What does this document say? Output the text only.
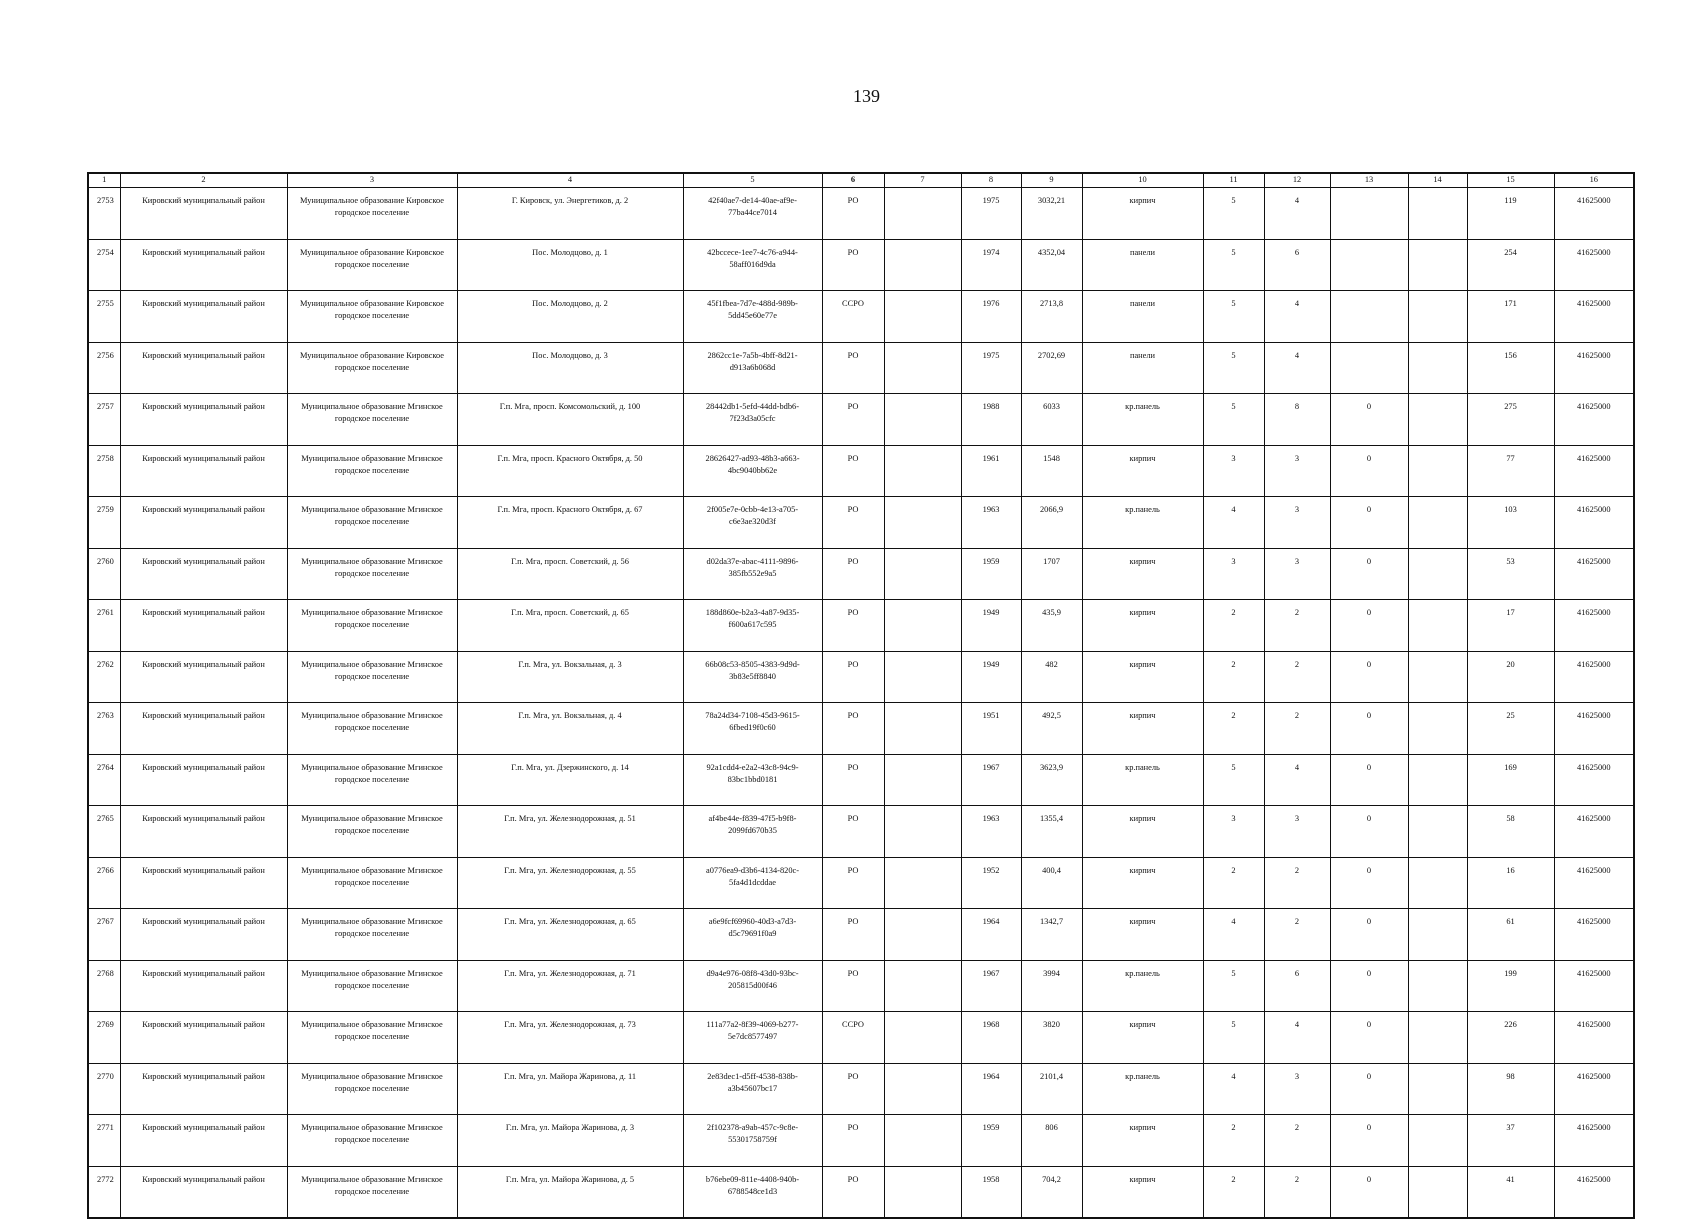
139
1	2	3	4	5	6	7	8	9	10	11	12	13	14	15	16
2753	Кировский муниципальный район	Муниципальное образование Кировское городское поселение	Г. Кировск, ул. Энергетиков, д. 2	42f40ae7-de14-40ae-af9e-77ba44ce7014	РО		1975	3032,21	кирпич	5	4			119	41625000
2754	Кировский муниципальный район	Муниципальное образование Кировское городское поселение	Пос. Молодцово, д. 1	42bccece-1ee7-4c76-a944-58aff016d9da	РО		1974	4352,04	панели	5	6			254	41625000
2755	Кировский муниципальный район	Муниципальное образование Кировское городское поселение	Пос. Молодцово, д. 2	45f1fbea-7d7e-488d-989b-5dd45e60e77e	ССРО		1976	2713,8	панели	5	4			171	41625000
2756	Кировский муниципальный район	Муниципальное образование Кировское городское поселение	Пос. Молодцово, д. 3	2862cc1e-7a5b-4bff-8d21-d913a6b068d	РО		1975	2702,69	панели	5	4			156	41625000
2757	Кировский муниципальный район	Муниципальное образование Мгинское городское поселение	Г.п. Мга, просп. Комсомольский, д. 100	28442db1-5efd-44dd-bdb6-7f23d3a05cfc	РО		1988	6033	кр.панель	5	8	0		275	41625000
2758	Кировский муниципальный район	Муниципальное образование Мгинское городское поселение	Г.п. Мга, просп. Красного Октября, д. 50	28626427-ad93-48b3-a663-4bc9040bb62e	РО		1961	1548	кирпич	3	3	0		77	41625000
2759	Кировский муниципальный район	Муниципальное образование Мгинское городское поселение	Г.п. Мга, просп. Красного Октября, д. 67	2f005e7e-0cbb-4e13-a705-c6e3ae320d3f	РО		1963	2066,9	кр.панель	4	3	0		103	41625000
2760	Кировский муниципальный район	Муниципальное образование Мгинское городское поселение	Г.п. Мга, просп. Советский, д. 56	d02da37e-abac-4111-9896-385fb552e9a5	РО		1959	1707	кирпич	3	3	0		53	41625000
2761	Кировский муниципальный район	Муниципальное образование Мгинское городское поселение	Г.п. Мга, просп. Советский, д. 65	188d860e-b2a3-4a87-9d35-f600a617c595	РО		1949	435,9	кирпич	2	2	0		17	41625000
2762	Кировский муниципальный район	Муниципальное образование Мгинское городское поселение	Г.п. Мга, ул. Вокзальная, д. 3	66b08c53-8505-4383-9d9d-3b83e5ff8840	РО		1949	482	кирпич	2	2	0		20	41625000
2763	Кировский муниципальный район	Муниципальное образование Мгинское городское поселение	Г.п. Мга, ул. Вокзальная, д. 4	78a24d34-7108-45d3-9615-6fbed19f0c60	РО		1951	492,5	кирпич	2	2	0		25	41625000
2764	Кировский муниципальный район	Муниципальное образование Мгинское городское поселение	Г.п. Мга, ул. Дзержинского, д. 14	92a1cdd4-e2a2-43c8-94c9-83bc1bbd0181	РО		1967	3623,9	кр.панель	5	4	0		169	41625000
2765	Кировский муниципальный район	Муниципальное образование Мгинское городское поселение	Г.п. Мга, ул. Железнодорожная, д. 51	af4be44e-f839-47f5-b9f8-2099fd670b35	РО		1963	1355,4	кирпич	3	3	0		58	41625000
2766	Кировский муниципальный район	Муниципальное образование Мгинское городское поселение	Г.п. Мга, ул. Железнодорожная, д. 55	a0776ea9-d3b6-4134-820c-5fa4d1dcddae	РО		1952	400,4	кирпич	2	2	0		16	41625000
2767	Кировский муниципальный район	Муниципальное образование Мгинское городское поселение	Г.п. Мга, ул. Железнодорожная, д. 65	a6e9fcf69960-40d3-a7d3-d5c79691f0a9	РО		1964	1342,7	кирпич	4	2	0		61	41625000
2768	Кировский муниципальный район	Муниципальное образование Мгинское городское поселение	Г.п. Мга, ул. Железнодорожная, д. 71	d9a4e976-08f8-43d0-93bc-205815d00f46	РО		1967	3994	кр.панель	5	6	0		199	41625000
2769	Кировский муниципальный район	Муниципальное образование Мгинское городское поселение	Г.п. Мга, ул. Железнодорожная, д. 73	111a77a2-8f39-4069-b277-5e7dc8577497	ССРО		1968	3820	кирпич	5	4	0		226	41625000
2770	Кировский муниципальный район	Муниципальное образование Мгинское городское поселение	Г.п. Мга, ул. Майора Жаринова, д. 11	2e83dec1-d5ff-4538-838b-a3b45607bc17	РО		1964	2101,4	кр.панель	4	3	0		98	41625000
2771	Кировский муниципальный район	Муниципальное образование Мгинское городское поселение	Г.п. Мга, ул. Майора Жаринова, д. 3	2f102378-a9ab-457c-9c8e-55301758759f	РО		1959	806	кирпич	2	2	0		37	41625000
2772	Кировский муниципальный район	Муниципальное образование Мгинское городское поселение	Г.п. Мга, ул. Майора Жаринова, д. 5	b76ebe09-811e-4408-940b-6788548ce1d3	РО		1958	704,2	кирпич	2	2	0		41	41625000
